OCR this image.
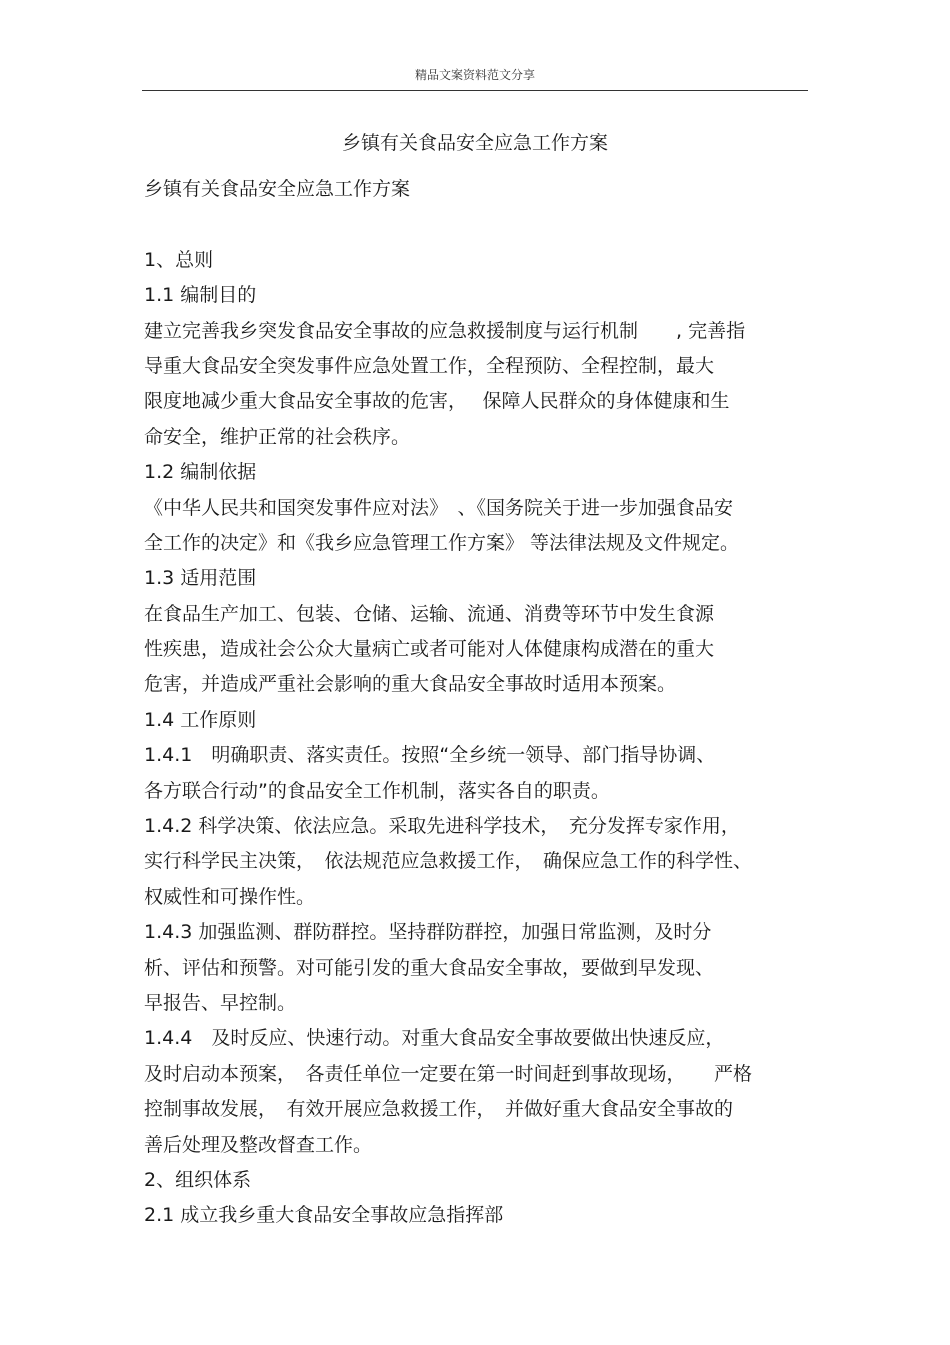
精品文案资料范文分享
乡镇有关食品安全应急工作方案
乡镇有关食品安全应急工作方案
1、总则
1.1 编制目的
建立完善我乡突发食品安全事故的应急救援制度与运行机制　　, 完善指
导重大食品安全突发事件应急处置工作，全程预防、全程控制，最大
限度地减少重大食品安全事故的危害，　 保障人民群众的身体健康和生
命安全，维护正常的社会秩序。
1.2 编制依据
《中华人民共和国突发事件应对法》　、《国务院关于进一步加强食品安
全工作的决定》和《我乡应急管理工作方案》 等法律法规及文件规定。
1.3 适用范围
在食品生产加工、包装、仓储、运输、流通、消费等环节中发生食源
性疾患，造成社会公众大量病亡或者可能对人体健康构成潜在的重大
危害，并造成严重社会影响的重大食品安全事故时适用本预案。
1.4 工作原则
1.4.1　明确职责、落实责任。按照“全乡统一领导、部门指导协调、
各方联合行动”的食品安全工作机制，落实各自的职责。
1.4.2 科学决策、依法应急。采取先进科学技术，　充分发挥专家作用，
实行科学民主决策，　依法规范应急救援工作，　确保应急工作的科学性、
权威性和可操作性。
1.4.3 加强监测、群防群控。坚持群防群控，加强日常监测，及时分
析、评估和预警。对可能引发的重大食品安全事故，要做到早发现、
早报告、早控制。
1.4.4　及时反应、快速行动。对重大食品安全事故要做出快速反应，
及时启动本预案，　各责任单位一定要在第一时间赶到事故现场，　　严格
控制事故发展，　有效开展应急救援工作，　并做好重大食品安全事故的
善后处理及整改督查工作。
2、组织体系
2.1 成立我乡重大食品安全事故应急指挥部
